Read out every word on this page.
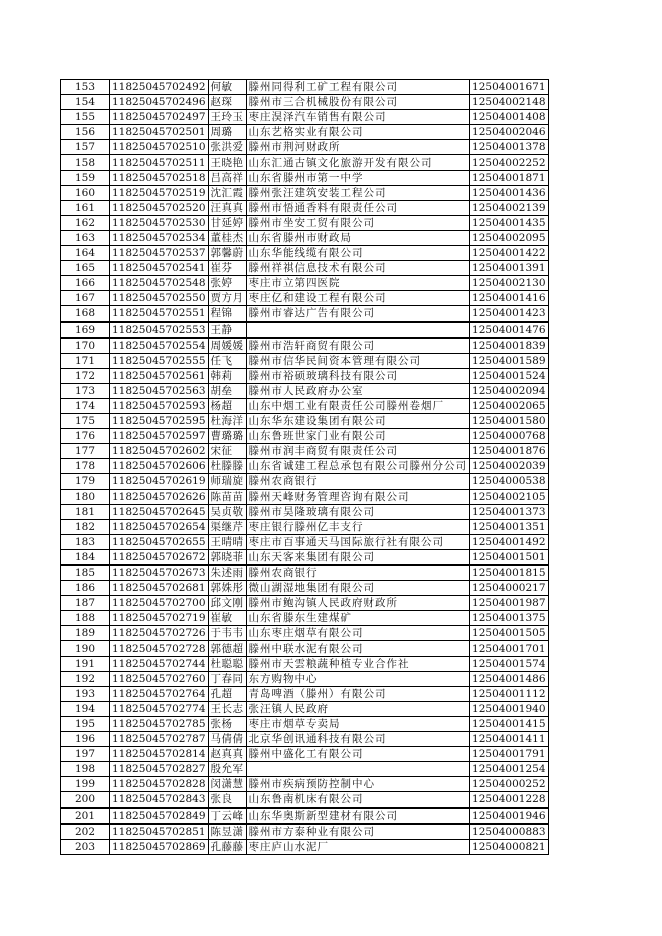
153	11825045702492	何敏	滕州同得利工矿工程有限公司	12504001671
154	11825045702496	赵琛	滕州市三合机械股份有限公司	12504002148
155	11825045702497	王玲玉	枣庄淏泽汽车销售有限公司	12504001408
156	11825045702501	周璐	山东艺格实业有限公司	12504002046
157	11825045702510	张洪爱	滕州市荆河财政所	12504001378
158	11825045702511	王晓艳	山东汇通古镇文化旅游开发有限公司	12504002252
159	11825045702518	吕高祥	山东省滕州市第一中学	12504001871
160	11825045702519	沈汇霞	滕州张汪建筑安装工程公司	12504001436
161	11825045702520	汪真真	滕州市悟通香料有限责任公司	12504002139
162	11825045702530	甘延婷	滕州市坐安工贸有限公司	12504001435
163	11825045702534	董桂杰	山东省滕州市财政局	12504002095
164	11825045702537	郭馨蔚	山东华能线缆有限公司	12504001422
165	11825045702541	崔芬	滕州祥祺信息技术有限公司	12504001391
166	11825045702548	张婷	枣庄市立第四医院	12504002130
167	11825045702550	贾方月	枣庄亿和建设工程有限公司	12504001416
168	11825045702551	程锦	滕州市睿达广告有限公司	12504001423
169	11825045702553	王静		12504001476
170	11825045702554	周媛媛	滕州市浩轩商贸有限公司	12504001839
171	11825045702555	任飞	滕州市信华民间资本管理有限公司	12504001589
172	11825045702561	韩莉	滕州市裕硕玻璃科技有限公司	12504001524
173	11825045702563	胡垒	滕州市人民政府办公室	12504002094
174	11825045702593	杨超	山东中烟工业有限责任公司滕州卷烟厂	12504002065
175	11825045702595	杜海洋	山东华东建设集团有限公司	12504001580
176	11825045702597	曹璐璐	山东鲁班世家门业有限公司	12504000768
177	11825045702602	宋征	滕州市润丰商贸有限责任公司	12504001876
178	11825045702606	杜滕滕	山东省诚建工程总承包有限公司滕州分公司	12504002039
179	11825045702619	师瑞旋	滕州农商银行	12504000538
180	11825045702626	陈苗苗	滕州天峰财务管理咨询有限公司	12504002105
181	11825045702645	吴贞敬	滕州市昊隆玻璃有限公司	12504001373
182	11825045702654	渠继芹	枣庄银行滕州亿丰支行	12504001351
183	11825045702655	王晴晴	枣庄市百事通天马国际旅行社有限公司	12504001492
184	11825045702672	郭晓菲	山东天客来集团有限公司	12504001501
185	11825045702673	朱述雨	滕州农商银行	12504001815
186	11825045702681	郭姝彤	微山湖湿地集团有限公司	12504000217
187	11825045702700	邱文刚	滕州市鲍沟镇人民政府财政所	12504001987
188	11825045702719	崔敏	山东省滕东生建煤矿	12504001375
189	11825045702726	于韦韦	山东枣庄烟草有限公司	12504001505
190	11825045702728	郭德超	滕州中联水泥有限公司	12504001701
191	11825045702744	杜聪聪	滕州市天雲粮蔬种植专业合作社	12504001574
192	11825045702760	丁春同	东方购物中心	12504001486
193	11825045702764	孔超	青岛啤酒（滕州）有限公司	12504001112
194	11825045702774	王长志	张汪镇人民政府	12504001940
195	11825045702785	张杨	枣庄市烟草专卖局	12504001415
196	11825045702787	马倩倩	北京华创讯通科技有限公司	12504001411
197	11825045702814	赵真真	滕州中盛化工有限公司	12504001791
198	11825045702827	殷允军		12504001254
199	11825045702828	闵潇慧	滕州市疾病预防控制中心	12504000252
200	11825045702843	张良	山东鲁南机床有限公司	12504001228
201	11825045702849	丁云峰	山东华奥斯新型建材有限公司	12504001946
202	11825045702851	陈昱潇	滕州市方泰种业有限公司	12504000883
203	11825045702869	孔藤藤	枣庄庐山水泥厂	12504000821
